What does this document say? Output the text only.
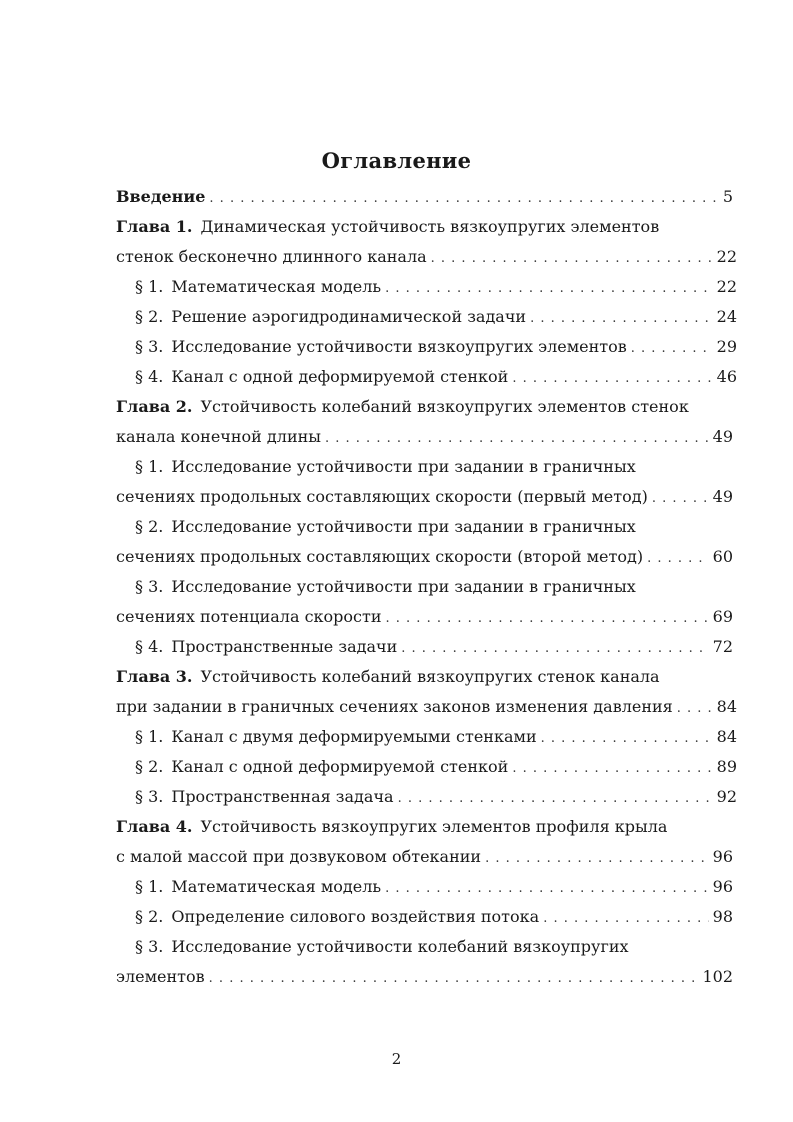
Оглавление
Введение . . .	5
Глава 1. Динамическая устойчивость вязкоупругих элементов
стенок бесконечно длинного канала . . .	22
§ 1. Математическая модель . . .	22
§ 2. Решение аэрогидродинамической задачи . . .	24
§ 3. Исследование устойчивости вязкоупругих элементов . . .	29
§ 4. Канал с одной деформируемой стенкой . . .	46
Глава 2. Устойчивость колебаний вязкоупругих элементов стенок
канала конечной длины . . .	49
§ 1. Исследование устойчивости при задании в граничных
сечениях продольных составляющих скорости (первый метод) . . .	49
§ 2. Исследование устойчивости при задании в граничных
сечениях продольных составляющих скорости (второй метод) . . .	60
§ 3. Исследование устойчивости при задании в граничных
сечениях потенциала скорости . . .	69
§ 4. Пространственные задачи . . .	72
Глава 3. Устойчивость колебаний вязкоупругих стенок канала
при задании в граничных сечениях законов изменения давления . . .	84
§ 1. Канал с двумя деформируемыми стенками . . .	84
§ 2. Канал с одной деформируемой стенкой . . .	89
§ 3. Пространственная задача . . .	92
Глава 4. Устойчивость вязкоупругих элементов профиля крыла
с малой массой при дозвуковом обтекании . . .	96
§ 1. Математическая модель . . .	96
§ 2. Определение силового воздействия потока . . .	98
§ 3. Исследование устойчивости колебаний вязкоупругих
элементов . . .	102
2
